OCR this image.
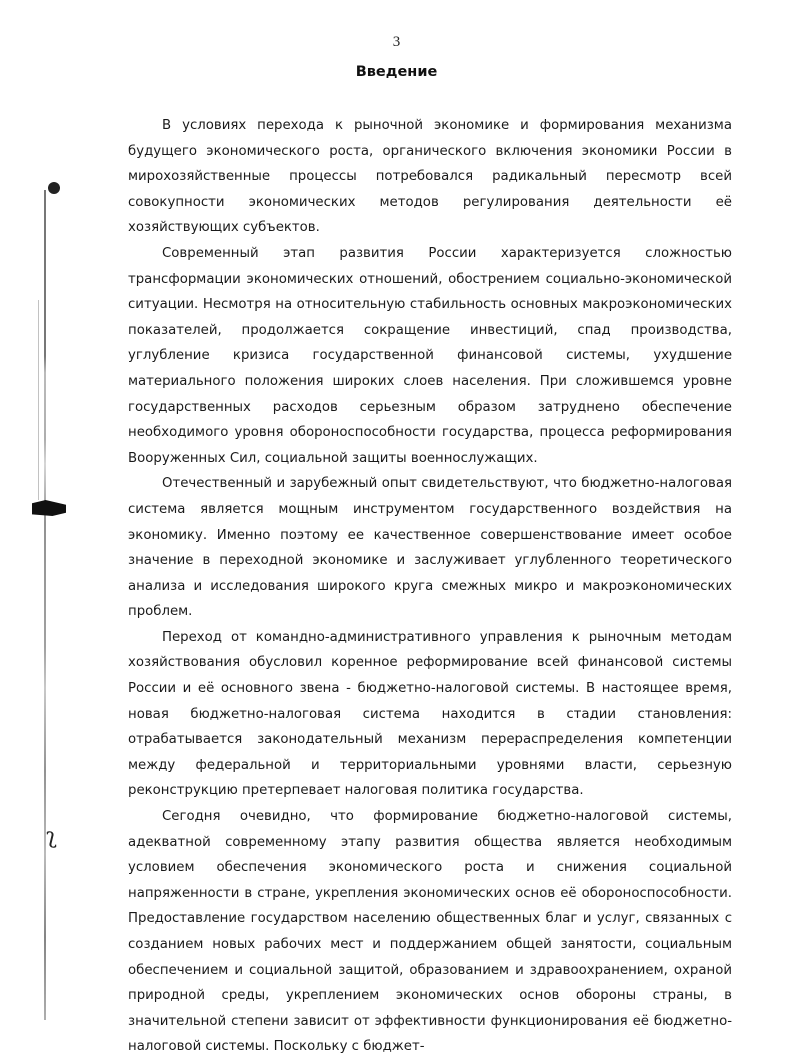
ʅ
3
Введение

В условиях перехода к рыночной экономике и формирования механизма будущего экономического роста, органического включения экономики России в мирохозяйственные процессы потребовался радикальный пересмотр всей совокупности экономических методов регулирования деятельности её хозяйствующих субъектов.

Современный этап развития России характеризуется сложностью трансформации экономических отношений, обострением социально-экономической ситуации. Несмотря на относительную стабильность основных макроэкономических показателей, продолжается сокращение инвестиций, спад производства, углубление кризиса государственной финансовой системы, ухудшение материального положения широких слоев населения. При сложившемся уровне государственных расходов серьезным образом затруднено обеспечение необходимого уровня обороноспособности государства, процесса реформирования Вооруженных Сил, социальной защиты военнослужащих.

Отечественный и зарубежный опыт свидетельствуют, что бюджетно-налоговая система является мощным инструментом государственного воздействия на экономику. Именно поэтому ее качественное совершенствование имеет особое значение в переходной экономике и заслуживает углубленного теоретического анализа и исследования широкого круга смежных микро и макроэкономических проблем.

Переход от командно-административного управления к рыночным методам хозяйствования обусловил коренное реформирование всей финансовой системы России и её основного звена - бюджетно-налоговой системы. В настоящее время, новая бюджетно-налоговая система находится в стадии становления: отрабатывается законодательный механизм перераспределения компетенции между федеральной и территориальными уровнями власти, серьезную реконструкцию претерпевает налоговая политика государства.

Сегодня очевидно, что формирование бюджетно-налоговой системы, адекватной современному этапу развития общества является необходимым условием обеспечения экономического роста и снижения социальной напряженности в стране, укрепления экономических основ её обороноспособности. Предоставление государством населению общественных благ и услуг, связанных с созданием новых рабочих мест и поддержанием общей занятости, социальным обеспечением и социальной защитой, образованием и здравоохранением, охраной природной среды, укреплением экономических основ обороны страны, в значительной степени зависит от эффективности функционирования её бюджетно-налоговой системы. Поскольку с бюджет-
